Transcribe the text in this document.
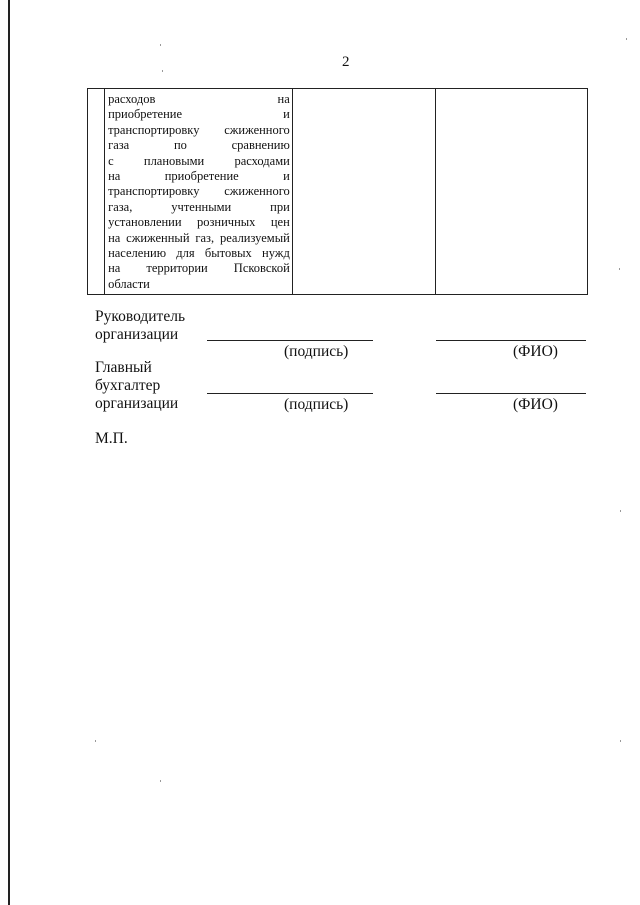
2

расходов на
приобретение и
транспортировку сжиженного
газа по сравнению
с плановыми расходами
на приобретение и
транспортировку сжиженного
газа, учтенными при
установлении розничных цен
на сжиженный газ, реализуемый
населению для бытовых нужд
на территории Псковской
области

Руководитель
организации
(подпись)	(ФИО)
Главный
бухгалтер
организации	(подпись)	(ФИО)
М.П.
